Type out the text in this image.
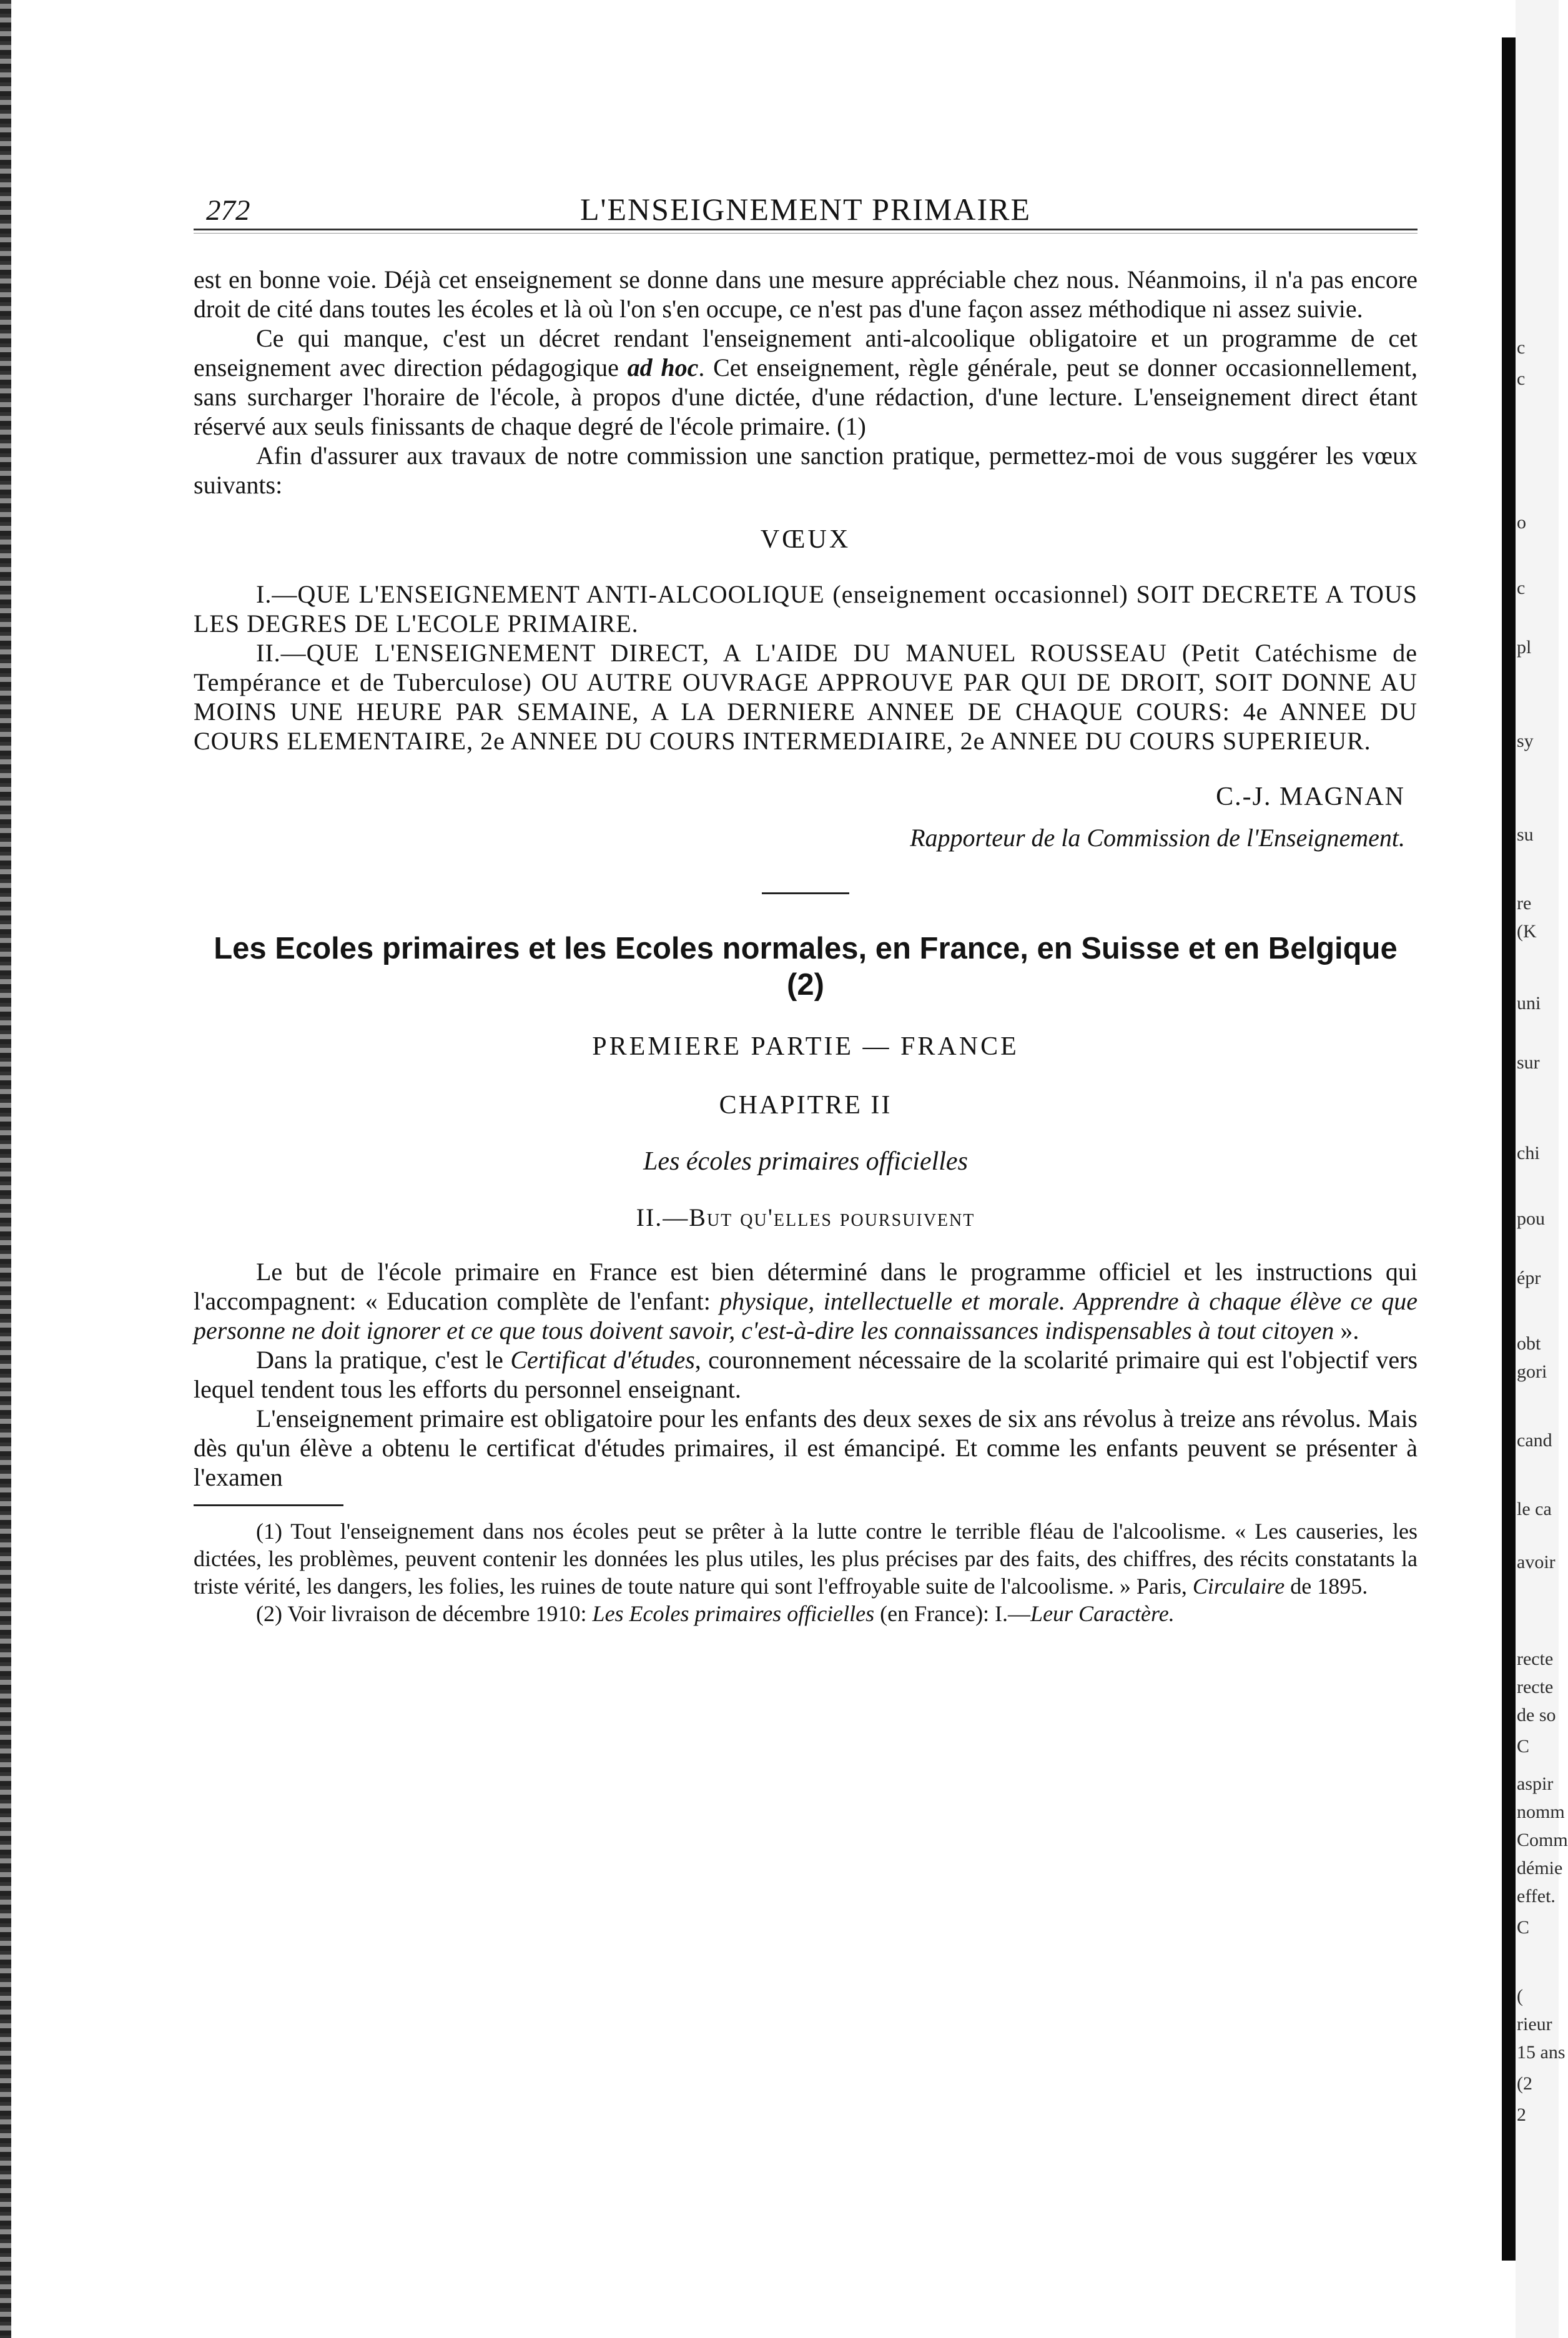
c
c
o
c
pl
sy
su
re
(K
uni
sur
chi
pou
épr
obt
gori
cand
le ca
avoir
recte
recte
de so
C
aspir
nomm
Comm
démie
effet.
C
(
rieur
15 ans
(2
2
272	L'ENSEIGNEMENT PRIMAIRE

est en bonne voie. Déjà cet enseignement se donne dans une mesure appréciable chez nous. Néanmoins, il n'a pas encore droit de cité dans toutes les écoles et là où l'on s'en occupe, ce n'est pas d'une façon assez méthodique ni assez suivie.

Ce qui manque, c'est un décret rendant l'enseignement anti-alcoolique obligatoire et un programme de cet enseignement avec direction pédagogique ad hoc. Cet enseignement, règle générale, peut se donner occasionnellement, sans surcharger l'horaire de l'école, à propos d'une dictée, d'une rédaction, d'une lecture. L'enseignement direct étant réservé aux seuls finissants de chaque degré de l'école primaire. (1)

Afin d'assurer aux travaux de notre commission une sanction pratique, permettez-moi de vous suggérer les vœux suivants:

VŒUX

I.—QUE L'ENSEIGNEMENT ANTI-ALCOOLIQUE (enseignement occasionnel) SOIT DECRETE A TOUS LES DEGRES DE L'ECOLE PRIMAIRE.

II.—QUE L'ENSEIGNEMENT DIRECT, A L'AIDE DU MANUEL ROUSSEAU (Petit Catéchisme de Tempérance et de Tuberculose) OU AUTRE OUVRAGE APPROUVE PAR QUI DE DROIT, SOIT DONNE AU MOINS UNE HEURE PAR SEMAINE, A LA DERNIERE ANNEE DE CHAQUE COURS: 4e ANNEE DU COURS ELEMENTAIRE, 2e ANNEE DU COURS INTERMEDIAIRE, 2e ANNEE DU COURS SUPERIEUR.

C.-J. MAGNAN

Rapporteur de la Commission de l'Enseignement.

Les Ecoles primaires et les Ecoles normales, en France, en Suisse et en Belgique (2)

PREMIERE PARTIE — FRANCE

CHAPITRE II

Les écoles primaires officielles

II.—But qu'elles poursuivent

Le but de l'école primaire en France est bien déterminé dans le programme officiel et les instructions qui l'accompagnent: « Education complète de l'enfant: physique, intellectuelle et morale. Apprendre à chaque élève ce que personne ne doit ignorer et ce que tous doivent savoir, c'est-à-dire les connaissances indispensables à tout citoyen ».

Dans la pratique, c'est le Certificat d'études, couronnement nécessaire de la scolarité primaire qui est l'objectif vers lequel tendent tous les efforts du personnel enseignant.

L'enseignement primaire est obligatoire pour les enfants des deux sexes de six ans révolus à treize ans révolus. Mais dès qu'un élève a obtenu le certificat d'études primaires, il est émancipé. Et comme les enfants peuvent se présenter à l'examen

(1) Tout l'enseignement dans nos écoles peut se prêter à la lutte contre le terrible fléau de l'alcoolisme. « Les causeries, les dictées, les problèmes, peuvent contenir les données les plus utiles, les plus précises par des faits, des chiffres, des récits constatants la triste vérité, les dangers, les folies, les ruines de toute nature qui sont l'effroyable suite de l'alcoolisme. » Paris, Circulaire de 1895.

(2) Voir livraison de décembre 1910: Les Ecoles primaires officielles (en France): I.—Leur Caractère.
